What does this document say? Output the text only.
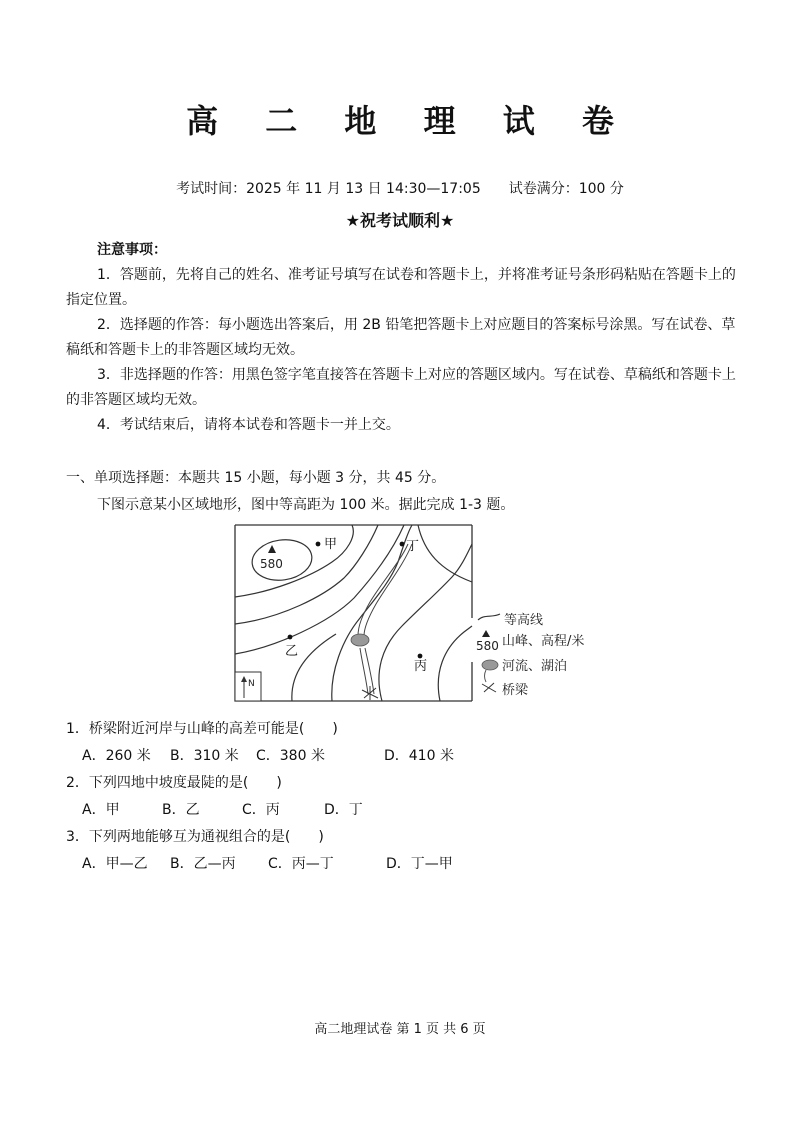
高 二 地 理 试 卷
考试时间：2025 年 11 月 13 日 14:30—17:05 试卷满分：100 分
★祝考试顺利★
注意事项：

1．答题前，先将自己的姓名、准考证号填写在试卷和答题卡上，并将准考证号条形码粘贴在答题卡上的指定位置。

2．选择题的作答：每小题选出答案后，用 2B 铅笔把答题卡上对应题目的答案标号涂黑。写在试卷、草稿纸和答题卡上的非答题区域均无效。

3．非选择题的作答：用黑色签字笔直接答在答题卡上对应的答题区域内。写在试卷、草稿纸和答题卡上的非答题区域均无效。

4．考试结束后，请将本试卷和答题卡一并上交。

一、单项选择题：本题共 15 小题，每小题 3 分，共 45 分。
下图示意某小区域地形，图中等高距为 100 米。据此完成 1-3 题。
580
甲	丁
乙
丙
N
等高线
580 山峰、高程/米
河流、湖泊
桥梁
1．桥梁附近河岸与山峰的高差可能是(　　)
A．260 米 B．310 米 C．380 米	D．410 米
2．下列四地中坡度最陡的是(　　)
A．甲	B．乙	C．丙	D．丁
3．下列两地能够互为通视组合的是(　　)
A．甲—乙 B．乙—丙 C．丙—丁	D．丁—甲
高二地理试卷 第 1 页 共 6 页
